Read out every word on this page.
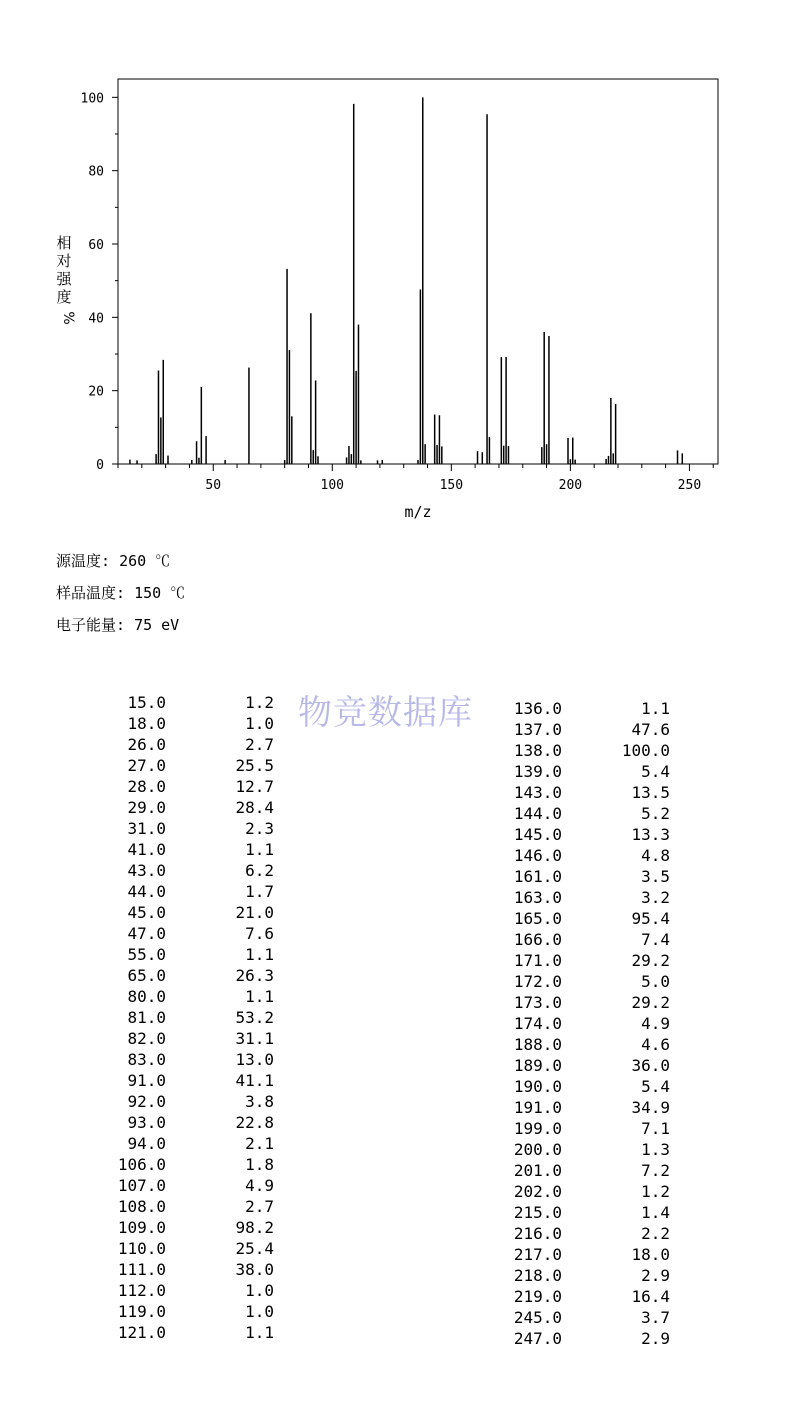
0
20
40
60
80
100
50	100	150	200	250
m/z
相
对
强
度
%
源温度: 260 ℃
样品温度: 150 ℃
电子能量: 75 eV
物竞数据库
15.0	1.2
18.0	1.0
26.0	2.7
27.0	25.5
28.0	12.7
29.0	28.4
31.0	2.3
41.0	1.1
43.0	6.2
44.0	1.7
45.0	21.0
47.0	7.6
55.0	1.1
65.0	26.3
80.0	1.1
81.0	53.2
82.0	31.1
83.0	13.0
91.0	41.1
92.0	3.8
93.0	22.8
94.0	2.1
106.0	1.8
107.0	4.9
108.0	2.7
109.0	98.2
110.0	25.4
111.0	38.0
112.0	1.0
119.0	1.0
121.0	1.1
136.0	1.1
137.0	47.6
138.0	100.0
139.0	5.4
143.0	13.5
144.0	5.2
145.0	13.3
146.0	4.8
161.0	3.5
163.0	3.2
165.0	95.4
166.0	7.4
171.0	29.2
172.0	5.0
173.0	29.2
174.0	4.9
188.0	4.6
189.0	36.0
190.0	5.4
191.0	34.9
199.0	7.1
200.0	1.3
201.0	7.2
202.0	1.2
215.0	1.4
216.0	2.2
217.0	18.0
218.0	2.9
219.0	16.4
245.0	3.7
247.0	2.9
